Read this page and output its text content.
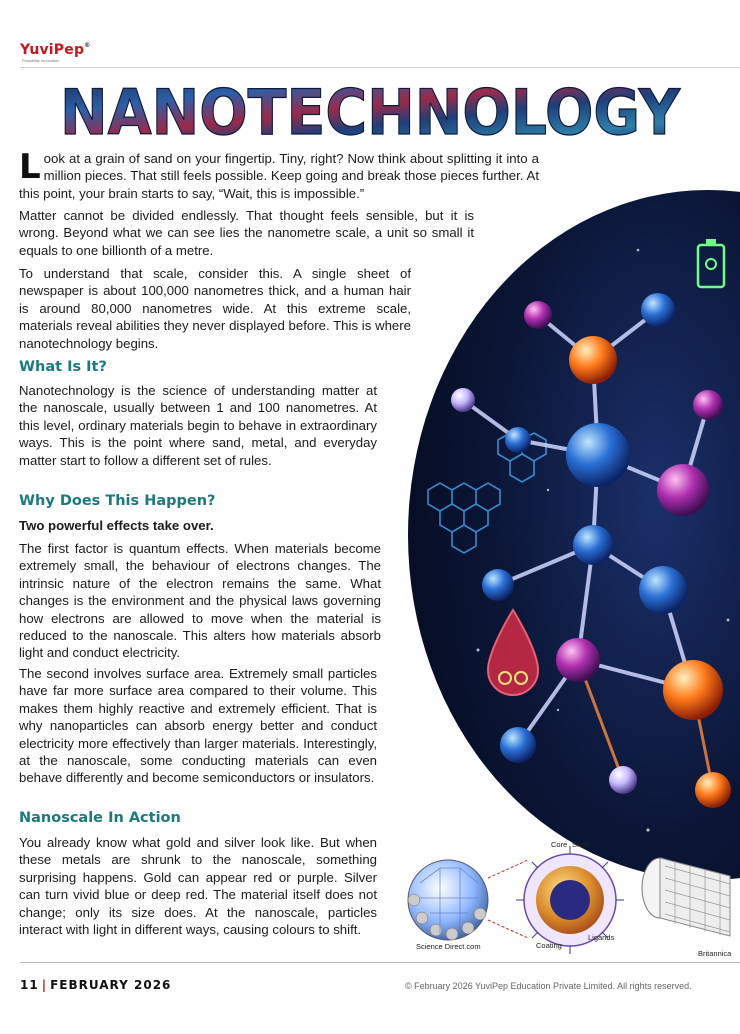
YuviPep®
Possibility Innovation
NANOTECHNOLOGY
Core Shell
Ligands
Coating
Science Direct.com
Britannica

Look at a grain of sand on your fingertip. Tiny, right? Now think about splitting it into a million pieces. That still feels possible. Keep going and break those pieces further. At this point, your brain starts to say, “Wait, this is impossible.”

Matter cannot be divided endlessly. That thought feels sensible, but it is wrong. Beyond what we can see lies the nanometre scale, a unit so small it equals to one billionth of a metre.
To understand that scale, consider this. A single sheet of newspaper is about 100,000 nanometres thick, and a human hair is around 80,000 nanometres wide. At this extreme scale, materials reveal abilities they never displayed before. This is where nanotechnology begins.
What Is It?
Nanotechnology is the science of understanding matter at the nanoscale, usually between 1 and 100 nanometres. At this level, ordinary materials begin to behave in extraordinary ways. This is the point where sand, metal, and everyday matter start to follow a different set of rules.
Why Does This Happen?
Two powerful effects take over.
The first factor is quantum effects. When materials become extremely small, the behaviour of electrons changes. The intrinsic nature of the electron remains the same. What changes is the environment and the physical laws governing how electrons are allowed to move when the material is reduced to the nanoscale. This alters how materials absorb light and conduct electricity.
The second involves surface area. Extremely small particles have far more surface area compared to their volume. This makes them highly reactive and extremely efficient. That is why nanoparticles can absorb energy better and conduct electricity more effectively than larger materials. Interestingly, at the nanoscale, some conducting materials can even behave differently and become semiconductors or insulators.
Nanoscale In Action
You already know what gold and silver look like. But when these metals are shrunk to the nanoscale, something surprising happens. Gold can appear red or purple. Silver can turn vivid blue or deep red. The material itself does not change; only its size does. At the nanoscale, particles interact with light in different ways, causing colours to shift.
11 | FEBRUARY 2026	© February 2026 YuviPep Education Private Limited. All rights reserved.
